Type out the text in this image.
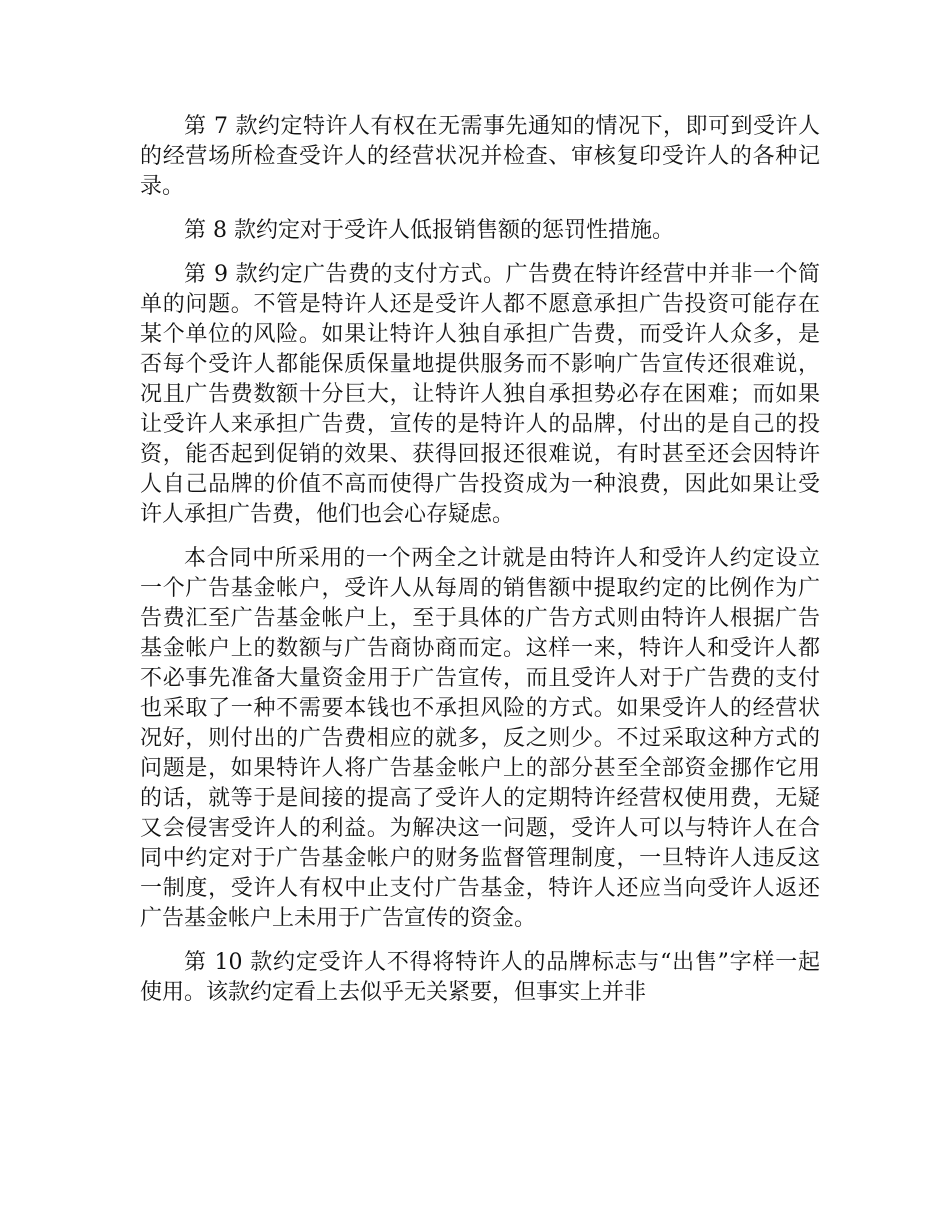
第 7 款约定特许人有权在无需事先通知的情况下，即可到受许人的经营场所检查受许人的经营状况并检查、审核复印受许人的各种记录。

第 8 款约定对于受许人低报销售额的惩罚性措施。

第 9 款约定广告费的支付方式。广告费在特许经营中并非一个简单的问题。不管是特许人还是受许人都不愿意承担广告投资可能存在某个单位的风险。如果让特许人独自承担广告费，而受许人众多，是否每个受许人都能保质保量地提供服务而不影响广告宣传还很难说，况且广告费数额十分巨大，让特许人独自承担势必存在困难；而如果让受许人来承担广告费，宣传的是特许人的品牌，付出的是自己的投资，能否起到促销的效果、获得回报还很难说，有时甚至还会因特许人自己品牌的价值不高而使得广告投资成为一种浪费，因此如果让受许人承担广告费，他们也会心存疑虑。

本合同中所采用的一个两全之计就是由特许人和受许人约定设立一个广告基金帐户，受许人从每周的销售额中提取约定的比例作为广告费汇至广告基金帐户上，至于具体的广告方式则由特许人根据广告基金帐户上的数额与广告商协商而定。这样一来，特许人和受许人都不必事先准备大量资金用于广告宣传，而且受许人对于广告费的支付也采取了一种不需要本钱也不承担风险的方式。如果受许人的经营状况好，则付出的广告费相应的就多，反之则少。不过采取这种方式的问题是，如果特许人将广告基金帐户上的部分甚至全部资金挪作它用的话，就等于是间接的提高了受许人的定期特许经营权使用费，无疑又会侵害受许人的利益。为解决这一问题，受许人可以与特许人在合同中约定对于广告基金帐户的财务监督管理制度，一旦特许人违反这一制度，受许人有权中止支付广告基金，特许人还应当向受许人返还广告基金帐户上未用于广告宣传的资金。

第 10 款约定受许人不得将特许人的品牌标志与“出售”字样一起使用。该款约定看上去似乎无关紧要，但事实上并非
